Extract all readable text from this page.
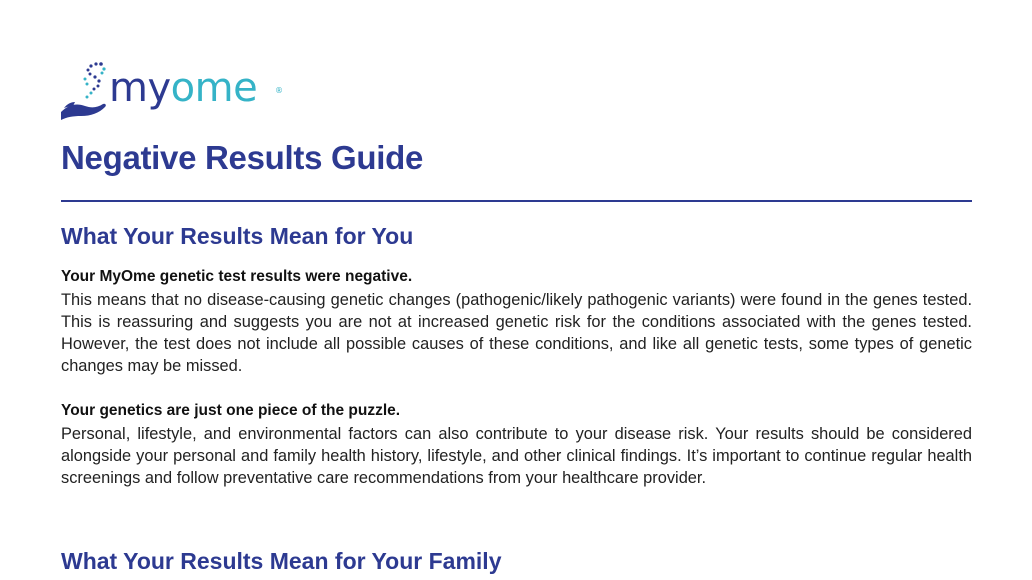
myome ®
Negative Results Guide
What Your Results Mean for You

Your MyOme genetic test results were negative.

This means that no disease-causing genetic changes (pathogenic/likely pathogenic variants) were found in the genes tested. This is reassuring and suggests you are not at increased genetic risk for the conditions associated with the genes tested. However, the test does not include all possible causes of these conditions, and like all genetic tests, some types of genetic changes may be missed.

Your genetics are just one piece of the puzzle.

Personal, lifestyle, and environmental factors can also contribute to your disease risk. Your results should be considered alongside your personal and family health history, lifestyle, and other clinical findings. It’s important to continue regular health screenings and follow preventative care recommendations from your healthcare provider.

What Your Results Mean for Your Family
